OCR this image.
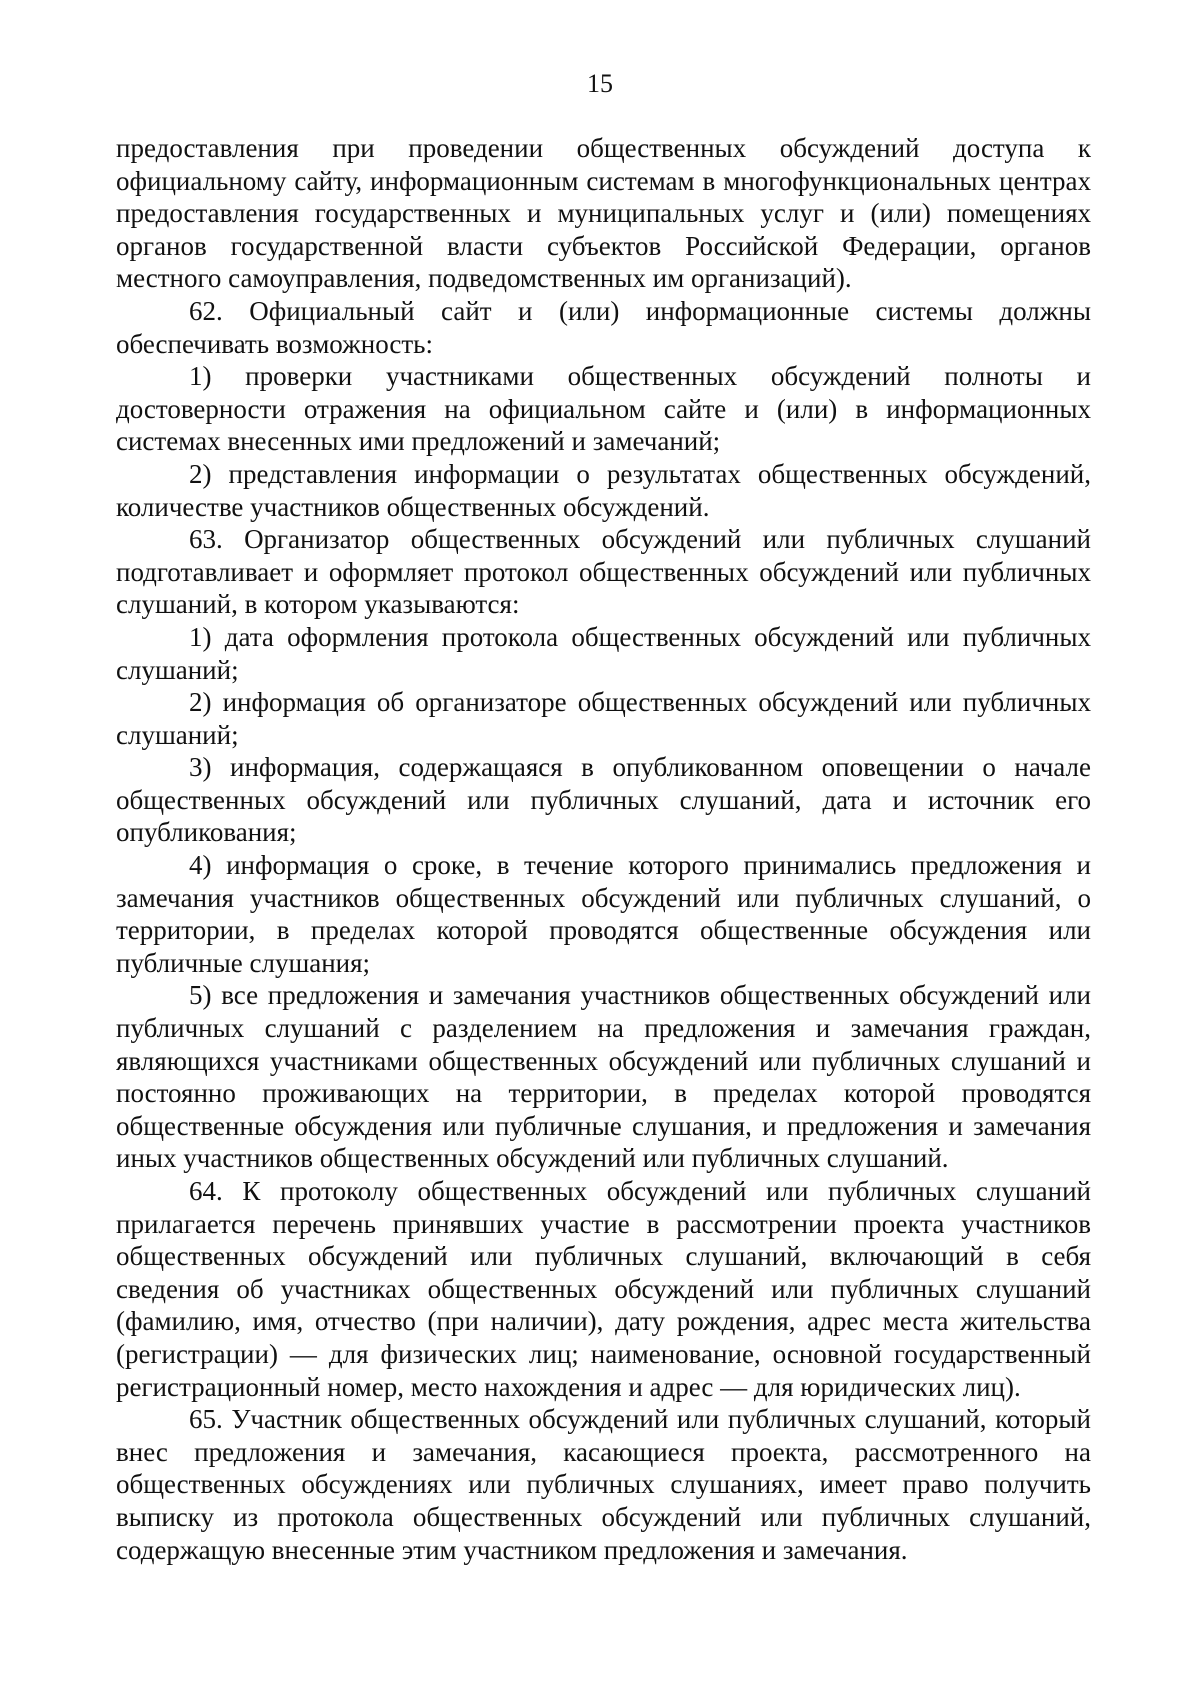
15

предоставления при проведении общественных обсуждений доступа к официальному сайту, информационным системам в многофункциональных центрах предоставления государственных и муниципальных услуг и (или) помещениях органов государственной власти субъектов Российской Федерации, органов местного самоуправления, подведомственных им организаций).

62. Официальный сайт и (или) информационные системы должны обеспечивать возможность:

1) проверки участниками общественных обсуждений полноты и достоверности отражения на официальном сайте и (или) в информационных системах внесенных ими предложений и замечаний;

2) представления информации о результатах общественных обсуждений, количестве участников общественных обсуждений.

63. Организатор общественных обсуждений или публичных слушаний подготавливает и оформляет протокол общественных обсуждений или публичных слушаний, в котором указываются:

1) дата оформления протокола общественных обсуждений или публичных слушаний;

2) информация об организаторе общественных обсуждений или публичных слушаний;

3) информация, содержащаяся в опубликованном оповещении о начале общественных обсуждений или публичных слушаний, дата и источник его опубликования;

4) информация о сроке, в течение которого принимались предложения и замечания участников общественных обсуждений или публичных слушаний, о территории, в пределах которой проводятся общественные обсуждения или публичные слушания;

5) все предложения и замечания участников общественных обсуждений или публичных слушаний с разделением на предложения и замечания граждан, являющихся участниками общественных обсуждений или публичных слушаний и постоянно проживающих на территории, в пределах которой проводятся общественные обсуждения или публичные слушания, и предложения и замечания иных участников общественных обсуждений или публичных слушаний.

64. К протоколу общественных обсуждений или публичных слушаний прилагается перечень принявших участие в рассмотрении проекта участников общественных обсуждений или публичных слушаний, включающий в себя сведения об участниках общественных обсуждений или публичных слушаний (фамилию, имя, отчество (при наличии), дату рождения, адрес места жительства (регистрации) — для физических лиц; наименование, основной государственный регистрационный номер, место нахождения и адрес — для юридических лиц).

65. Участник общественных обсуждений или публичных слушаний, который внес предложения и замечания, касающиеся проекта, рассмотренного на общественных обсуждениях или публичных слушаниях, имеет право получить выписку из протокола общественных обсуждений или публичных слушаний, содержащую внесенные этим участником предложения и замечания.
